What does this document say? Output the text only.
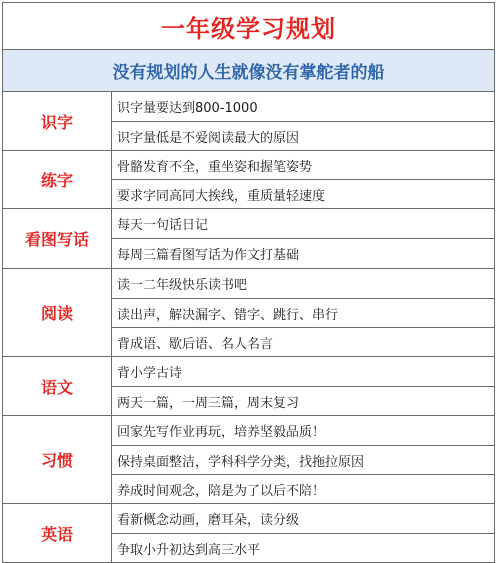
一年级学习规划
没有规划的人生就像没有掌舵者的船
识字
识字量要达到800-1000
识字量低是不爱阅读最大的原因
练字
骨骼发育不全，重坐姿和握笔姿势
要求字同高同大挨线，重质量轻速度
看图写话
每天一句话日记
每周三篇看图写话为作文打基础
阅读
读一二年级快乐读书吧
读出声，解决漏字、错字、跳行、串行
背成语、歇后语、名人名言
语文
背小学古诗
两天一篇，一周三篇，周末复习
习惯
回家先写作业再玩，培养坚毅品质！
保持桌面整洁，学科科学分类，找拖拉原因
养成时间观念，陪是为了以后不陪！
英语
看新概念动画，磨耳朵，读分级
争取小升初达到高三水平
